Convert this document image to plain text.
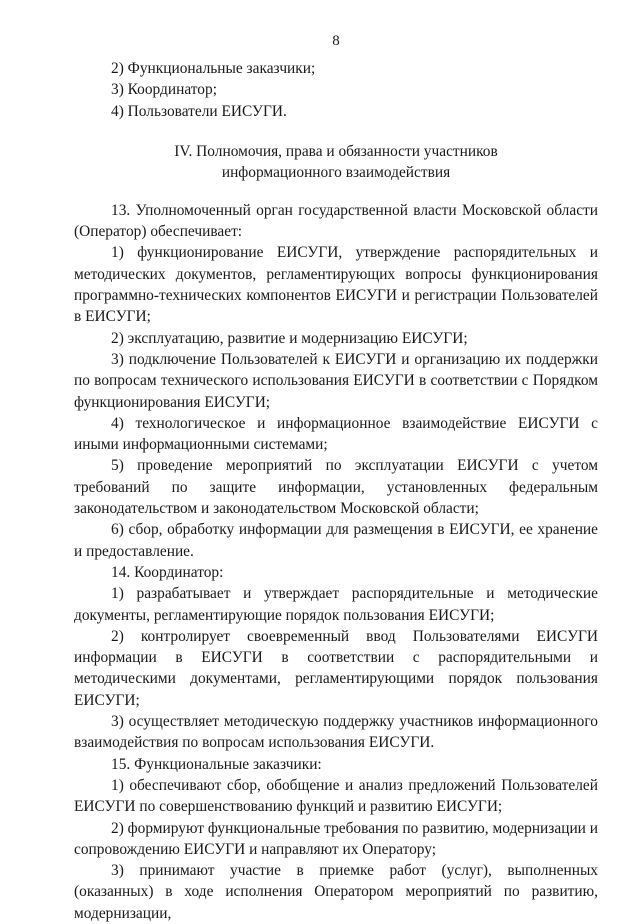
8

2) Функциональные заказчики;

3) Координатор;

4) Пользователи ЕИСУГИ.

IV. Полномочия, права и обязанности участников
информационного взаимодействия

13. Уполномоченный орган государственной власти Московской области (Оператор) обеспечивает:

1) функционирование ЕИСУГИ, утверждение распорядительных и методических документов, регламентирующих вопросы функционирования программно-технических компонентов ЕИСУГИ и регистрации Пользователей в ЕИСУГИ;

2) эксплуатацию, развитие и модернизацию ЕИСУГИ;

3) подключение Пользователей к ЕИСУГИ и организацию их поддержки по вопросам технического использования ЕИСУГИ в соответствии с Порядком функционирования ЕИСУГИ;

4) технологическое и информационное взаимодействие ЕИСУГИ с иными информационными системами;

5) проведение мероприятий по эксплуатации ЕИСУГИ с учетом требований по защите информации, установленных федеральным законодательством и законодательством Московской области;

6) сбор, обработку информации для размещения в ЕИСУГИ, ее хранение и предоставление.

14. Координатор:

1) разрабатывает и утверждает распорядительные и методические документы, регламентирующие порядок пользования ЕИСУГИ;

2) контролирует своевременный ввод Пользователями ЕИСУГИ информации в ЕИСУГИ в соответствии с распорядительными и методическими документами, регламентирующими порядок пользования ЕИСУГИ;

3) осуществляет методическую поддержку участников информационного взаимодействия по вопросам использования ЕИСУГИ.

15. Функциональные заказчики:

1) обеспечивают сбор, обобщение и анализ предложений Пользователей ЕИСУГИ по совершенствованию функций и развитию ЕИСУГИ;

2) формируют функциональные требования по развитию, модернизации и сопровождению ЕИСУГИ и направляют их Оператору;

3) принимают участие в приемке работ (услуг), выполненных (оказанных) в ходе исполнения Оператором мероприятий по развитию, модернизации,
